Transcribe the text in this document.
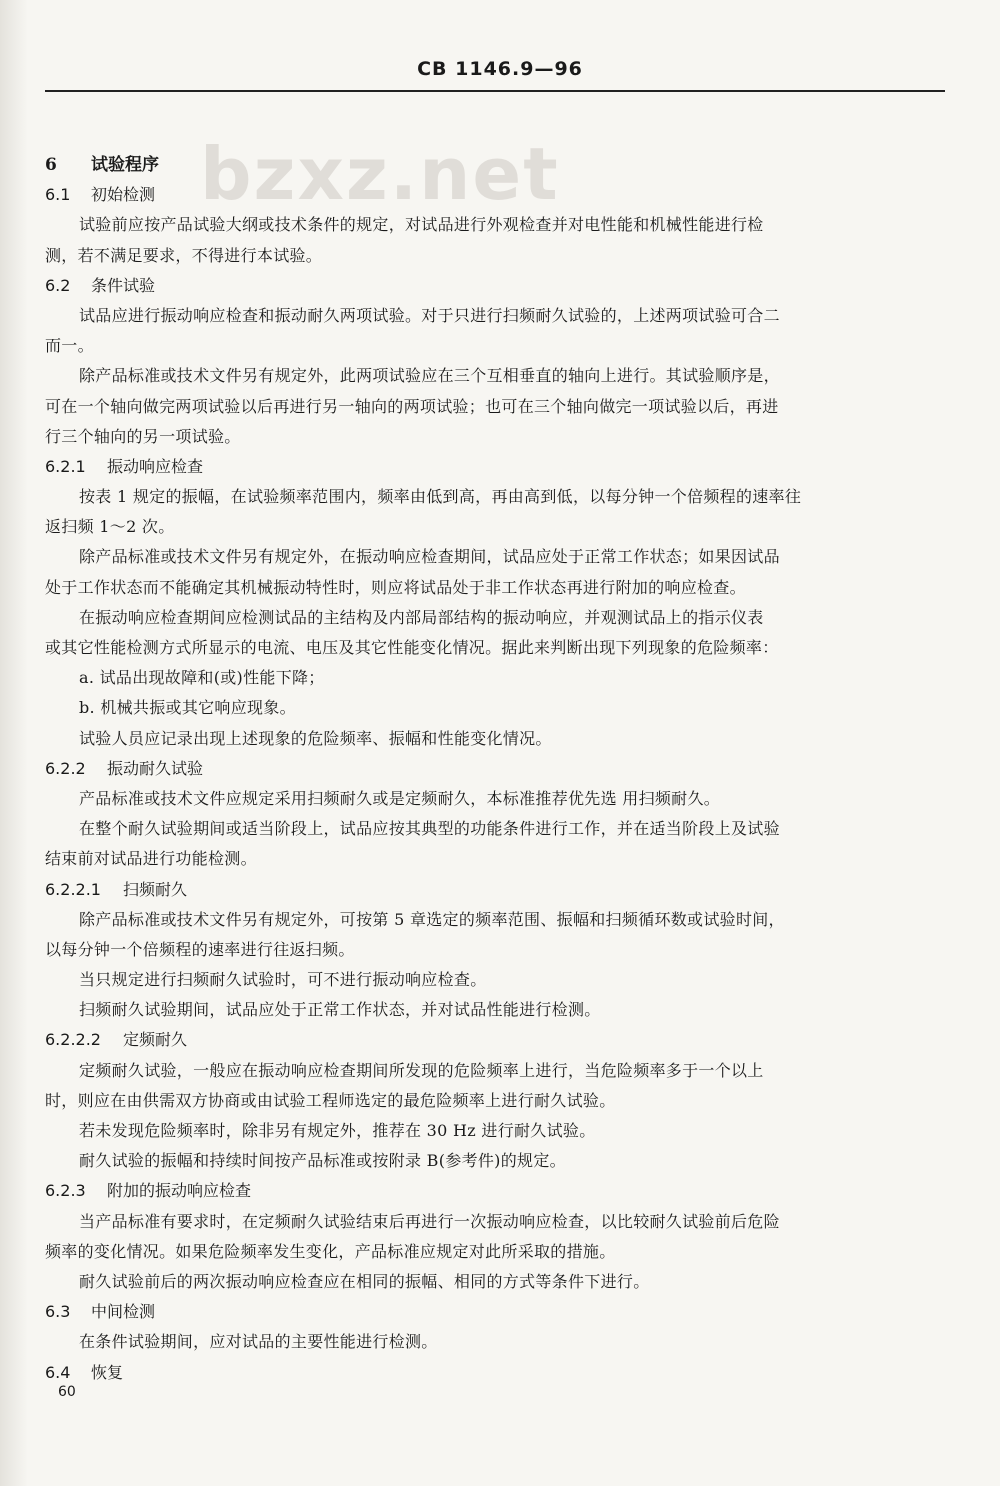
CB 1146.9—96
bzxz.net
6 试验程序
6.1 初始检测
试验前应按产品试验大纲或技术条件的规定，对试品进行外观检查并对电性能和机械性能进行检
测，若不满足要求，不得进行本试验。
6.2 条件试验
试品应进行振动响应检查和振动耐久两项试验。对于只进行扫频耐久试验的，上述两项试验可合二
而一。
除产品标准或技术文件另有规定外，此两项试验应在三个互相垂直的轴向上进行。其试验顺序是，
可在一个轴向做完两项试验以后再进行另一轴向的两项试验；也可在三个轴向做完一项试验以后，再进
行三个轴向的另一项试验。
6.2.1 振动响应检查
按表 1 规定的振幅，在试验频率范围内，频率由低到高，再由高到低，以每分钟一个倍频程的速率往
返扫频 1～2 次。
除产品标准或技术文件另有规定外，在振动响应检查期间，试品应处于正常工作状态；如果因试品
处于工作状态而不能确定其机械振动特性时，则应将试品处于非工作状态再进行附加的响应检查。
在振动响应检查期间应检测试品的主结构及内部局部结构的振动响应，并观测试品上的指示仪表
或其它性能检测方式所显示的电流、电压及其它性能变化情况。据此来判断出现下列现象的危险频率：
a. 试品出现故障和(或)性能下降；
b. 机械共振或其它响应现象。
试验人员应记录出现上述现象的危险频率、振幅和性能变化情况。
6.2.2 振动耐久试验
产品标准或技术文件应规定采用扫频耐久或是定频耐久，本标准推荐优先选 用扫频耐久。
在整个耐久试验期间或适当阶段上，试品应按其典型的功能条件进行工作，并在适当阶段上及试验
结束前对试品进行功能检测。
6.2.2.1 扫频耐久
除产品标准或技术文件另有规定外，可按第 5 章选定的频率范围、振幅和扫频循环数或试验时间，
以每分钟一个倍频程的速率进行往返扫频。
当只规定进行扫频耐久试验时，可不进行振动响应检查。
扫频耐久试验期间，试品应处于正常工作状态，并对试品性能进行检测。
6.2.2.2 定频耐久
定频耐久试验，一般应在振动响应检查期间所发现的危险频率上进行，当危险频率多于一个以上
时，则应在由供需双方协商或由试验工程师选定的最危险频率上进行耐久试验。
若未发现危险频率时，除非另有规定外，推荐在 30 Hz 进行耐久试验。
耐久试验的振幅和持续时间按产品标准或按附录 B(参考件)的规定。
6.2.3 附加的振动响应检查
当产品标准有要求时，在定频耐久试验结束后再进行一次振动响应检查，以比较耐久试验前后危险
频率的变化情况。如果危险频率发生变化，产品标准应规定对此所采取的措施。
耐久试验前后的两次振动响应检查应在相同的振幅、相同的方式等条件下进行。
6.3 中间检测
在条件试验期间，应对试品的主要性能进行检测。
6.4 恢复
60
